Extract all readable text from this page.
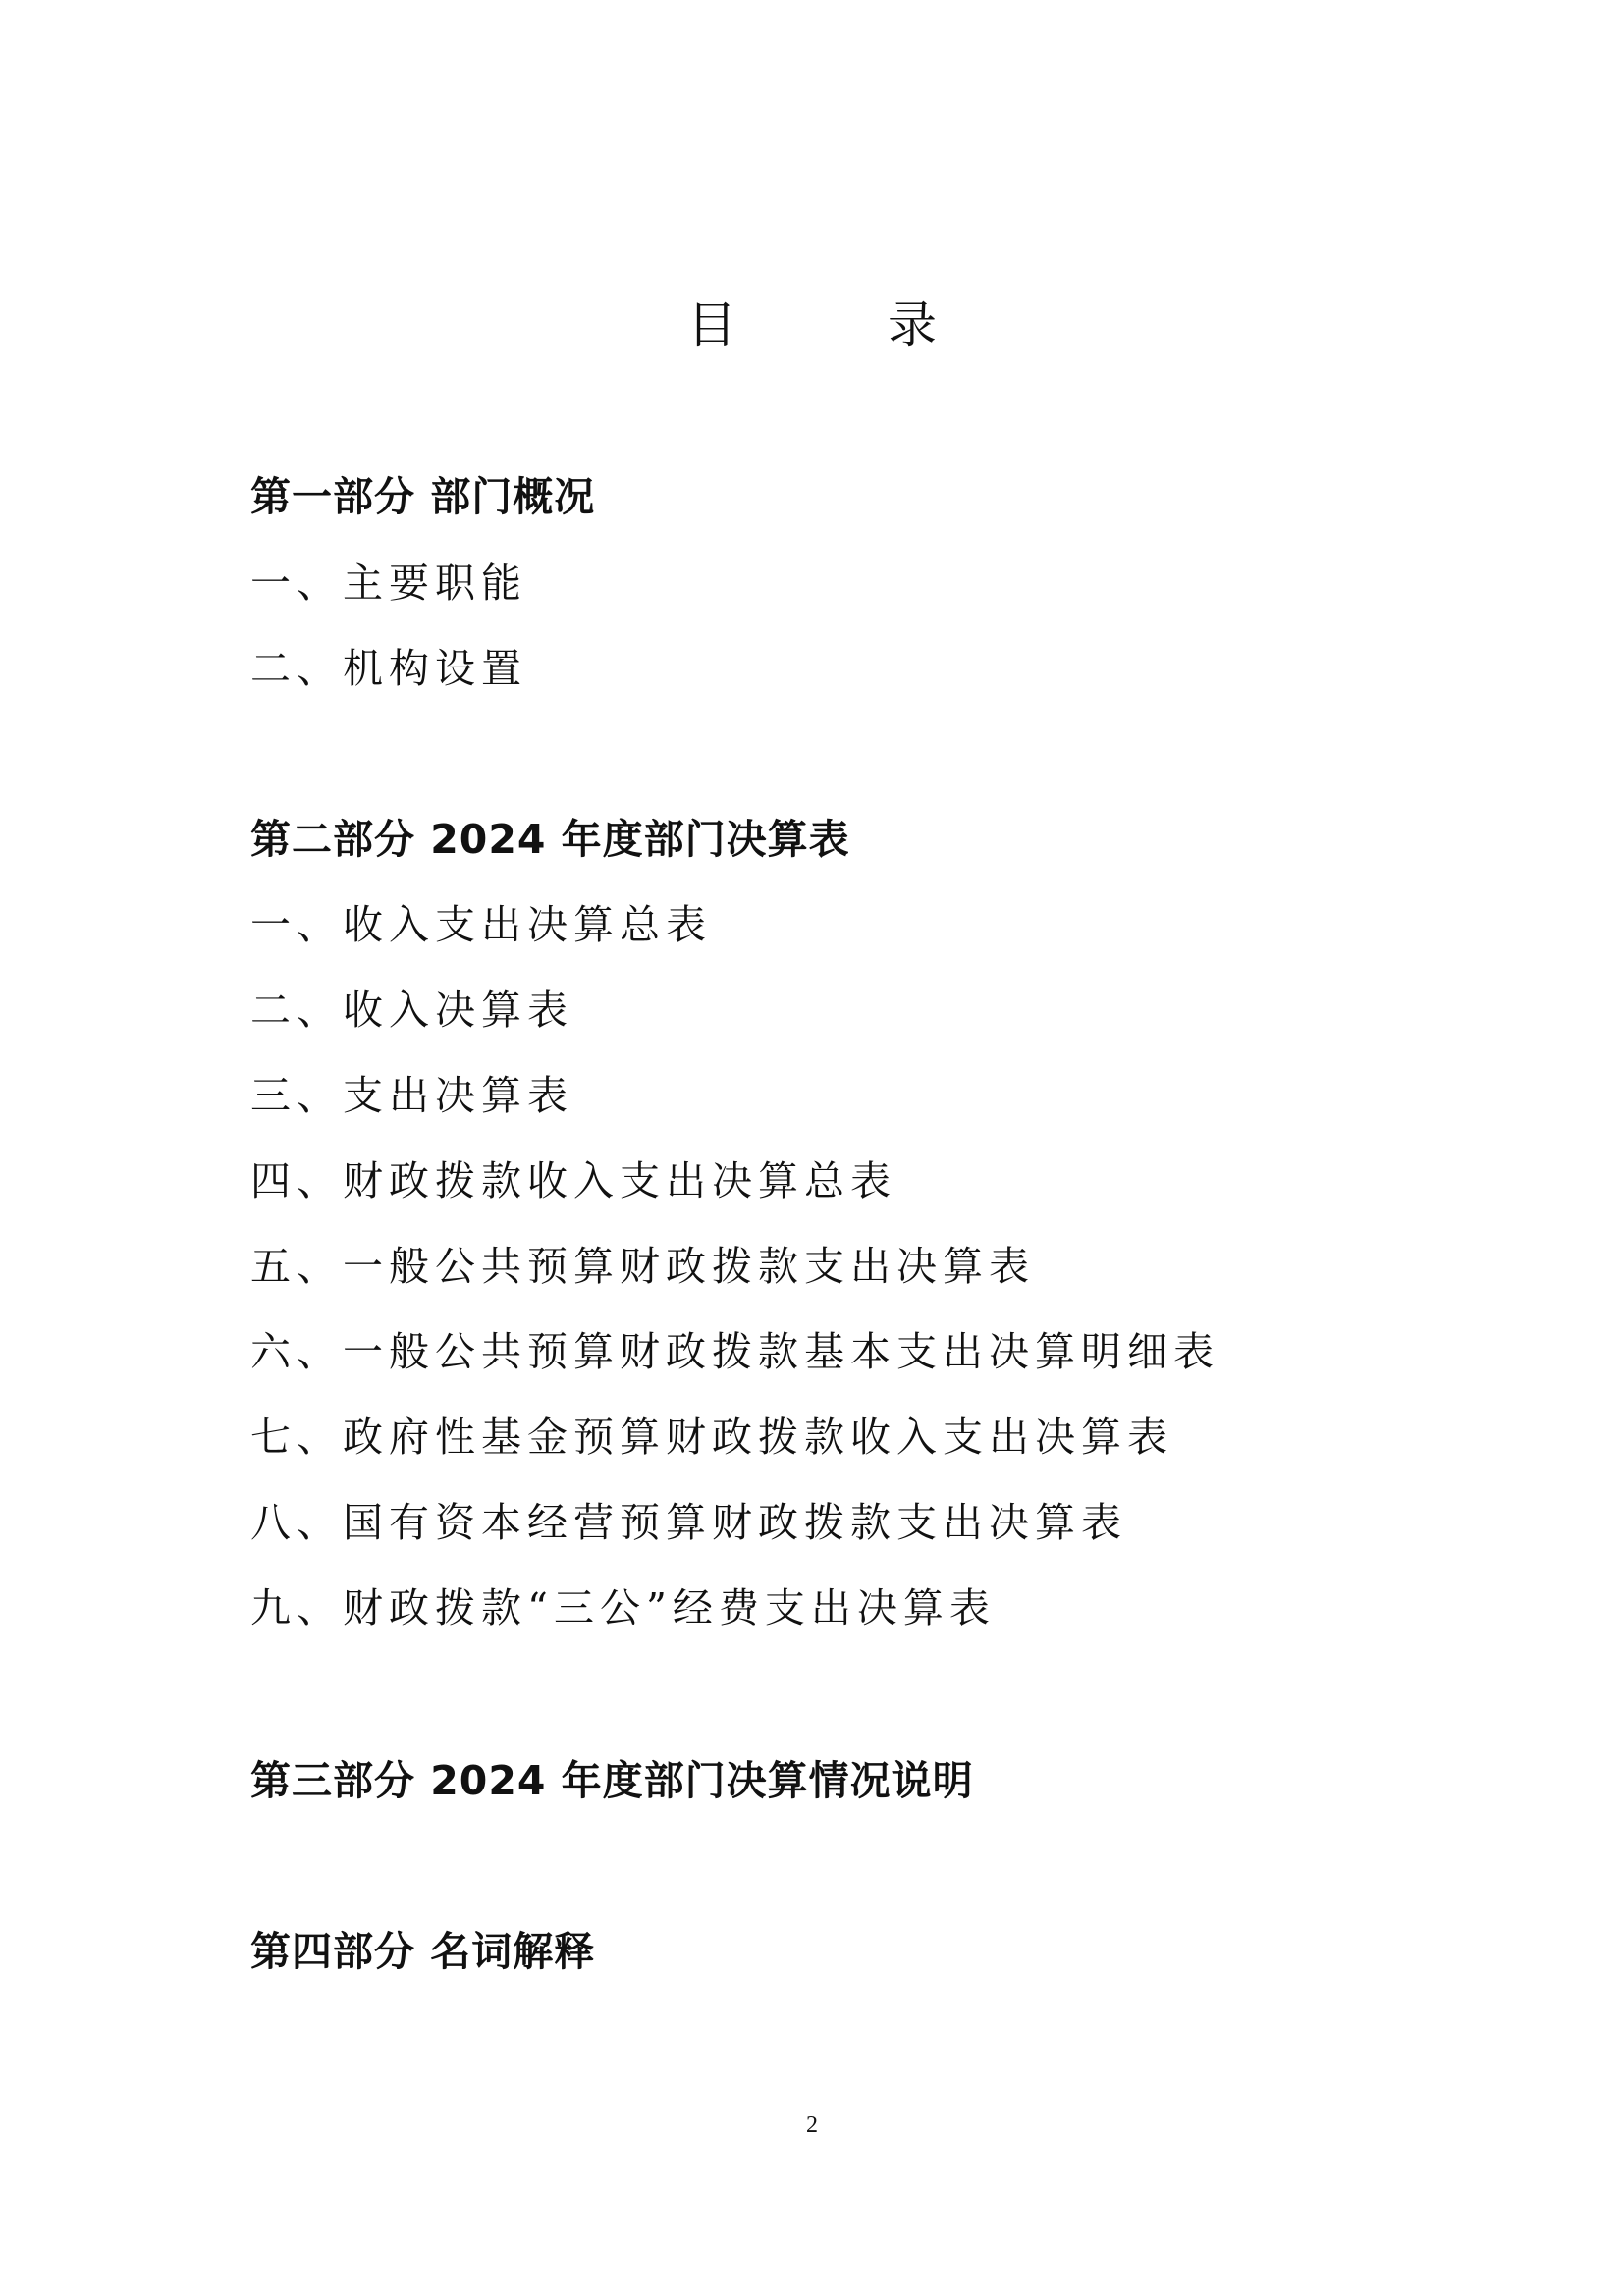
目　录
第一部分 部门概况
一、主要职能
二、机构设置
第二部分 2024 年度部门决算表
一、收入支出决算总表
二、收入决算表
三、支出决算表
四、财政拨款收入支出决算总表
五、一般公共预算财政拨款支出决算表
六、一般公共预算财政拨款基本支出决算明细表
七、政府性基金预算财政拨款收入支出决算表
八、国有资本经营预算财政拨款支出决算表
九、财政拨款“三公”经费支出决算表
第三部分 2024 年度部门决算情况说明
第四部分 名词解释
2
